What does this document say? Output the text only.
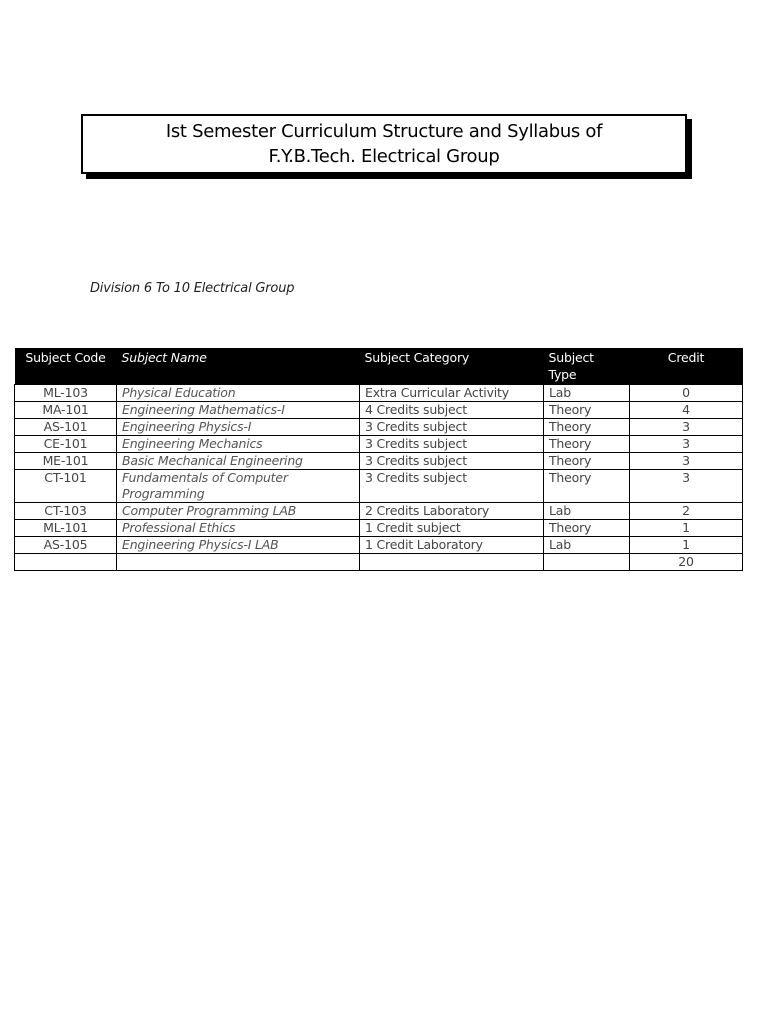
Ist Semester Curriculum Structure and Syllabus of
F.Y.B.Tech. Electrical Group
Division 6 To 10 Electrical Group
Subject Code	Subject Name	Subject Category	Subject Type	Credit
ML-103	Physical Education	Extra Curricular Activity	Lab	0
MA-101	Engineering Mathematics-I	4 Credits subject	Theory	4
AS-101	Engineering Physics-I	3 Credits subject	Theory	3
CE-101	Engineering Mechanics	3 Credits subject	Theory	3
ME-101	Basic Mechanical Engineering	3 Credits subject	Theory	3
CT-101	Fundamentals of Computer Programming	3 Credits subject	Theory	3
CT-103	Computer Programming LAB	2 Credits Laboratory	Lab	2
ML-101	Professional Ethics	1 Credit subject	Theory	1
AS-105	Engineering Physics-I LAB	1 Credit Laboratory	Lab	1
				20
